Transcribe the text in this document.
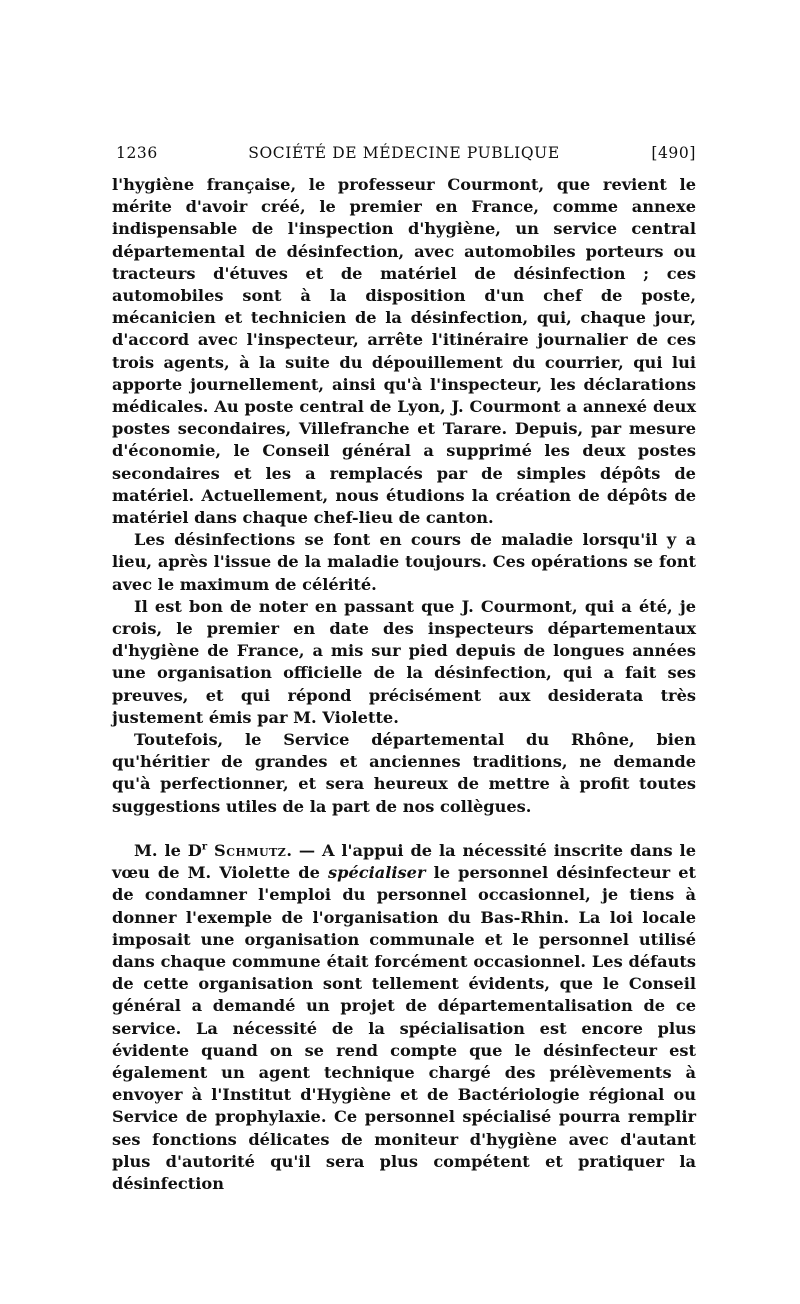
1236	SOCIÉTÉ DE MÉDECINE PUBLIQUE	[490]

l'hygiène française, le professeur Courmont, que revient le mérite d'avoir créé, le premier en France, comme annexe indispensable de l'inspection d'hygiène, un service central départemental de désinfection, avec automobiles porteurs ou tracteurs d'étuves et de matériel de désinfection ; ces automobiles sont à la disposition d'un chef de poste, mécanicien et technicien de la désinfection, qui, chaque jour, d'accord avec l'inspecteur, arrête l'itinéraire journalier de ces trois agents, à la suite du dépouillement du courrier, qui lui apporte journellement, ainsi qu'à l'inspecteur, les déclarations médicales. Au poste central de Lyon, J. Courmont a annexé deux postes secondaires, Villefranche et Tarare. Depuis, par mesure d'économie, le Conseil général a supprimé les deux postes secondaires et les a remplacés par de simples dépôts de matériel. Actuellement, nous étudions la création de dépôts de matériel dans chaque chef-lieu de canton.

Les désinfections se font en cours de maladie lorsqu'il y a lieu, après l'issue de la maladie toujours. Ces opérations se font avec le maximum de célérité.

Il est bon de noter en passant que J. Courmont, qui a été, je crois, le premier en date des inspecteurs départementaux d'hygiène de France, a mis sur pied depuis de longues années une organisation officielle de la désinfection, qui a fait ses preuves, et qui répond précisément aux desiderata très justement émis par M. Violette.

Toutefois, le Service départemental du Rhône, bien qu'héritier de grandes et anciennes traditions, ne demande qu'à perfectionner, et sera heureux de mettre à profit toutes suggestions utiles de la part de nos collègues.

M. le $D^r$ Schmutz. — A l'appui de la nécessité inscrite dans le vœu de M. Violette de spécialiser le personnel désinfecteur et de condamner l'emploi du personnel occasionnel, je tiens à donner l'exemple de l'organisation du Bas-Rhin. La loi locale imposait une organisation communale et le personnel utilisé dans chaque commune était forcément occasionnel. Les défauts de cette organisation sont tellement évidents, que le Conseil général a demandé un projet de départementalisation de ce service. La nécessité de la spécialisation est encore plus évidente quand on se rend compte que le désinfecteur est également un agent technique chargé des prélèvements à envoyer à l'Institut d'Hygiène et de Bactériologie régional ou Service de prophylaxie. Ce personnel spécialisé pourra remplir ses fonctions délicates de moniteur d'hygiène avec d'autant plus d'autorité qu'il sera plus compétent et pratiquer la désinfection
